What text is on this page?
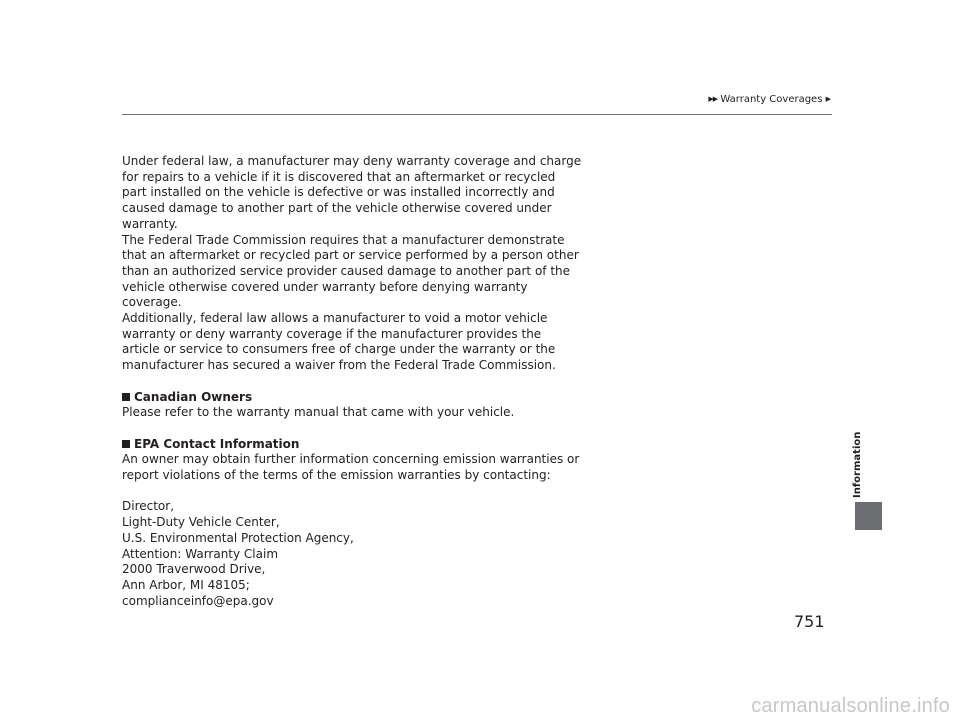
▶▶ Warranty Coverages ▶
Information

Under federal law, a manufacturer may deny warranty coverage and charge for repairs to a vehicle if it is discovered that an aftermarket or recycled part installed on the vehicle is defective or was installed incorrectly and caused damage to another part of the vehicle otherwise covered under warranty.

The Federal Trade Commission requires that a manufacturer demonstrate that an aftermarket or recycled part or service performed by a person other than an authorized service provider caused damage to another part of the vehicle otherwise covered under warranty before denying warranty coverage.

Additionally, federal law allows a manufacturer to void a motor vehicle warranty or deny warranty coverage if the manufacturer provides the article or service to consumers free of charge under the warranty or the manufacturer has secured a waiver from the Federal Trade Commission.

Canadian Owners

Please refer to the warranty manual that came with your vehicle.

EPA Contact Information

An owner may obtain further information concerning emission warranties or report violations of the terms of the emission warranties by contacting:

Director,

Light-Duty Vehicle Center,

U.S. Environmental Protection Agency,

Attention: Warranty Claim

2000 Traverwood Drive,

Ann Arbor, MI 48105;

complianceinfo@epa.gov

751
carmanualsonline.info
